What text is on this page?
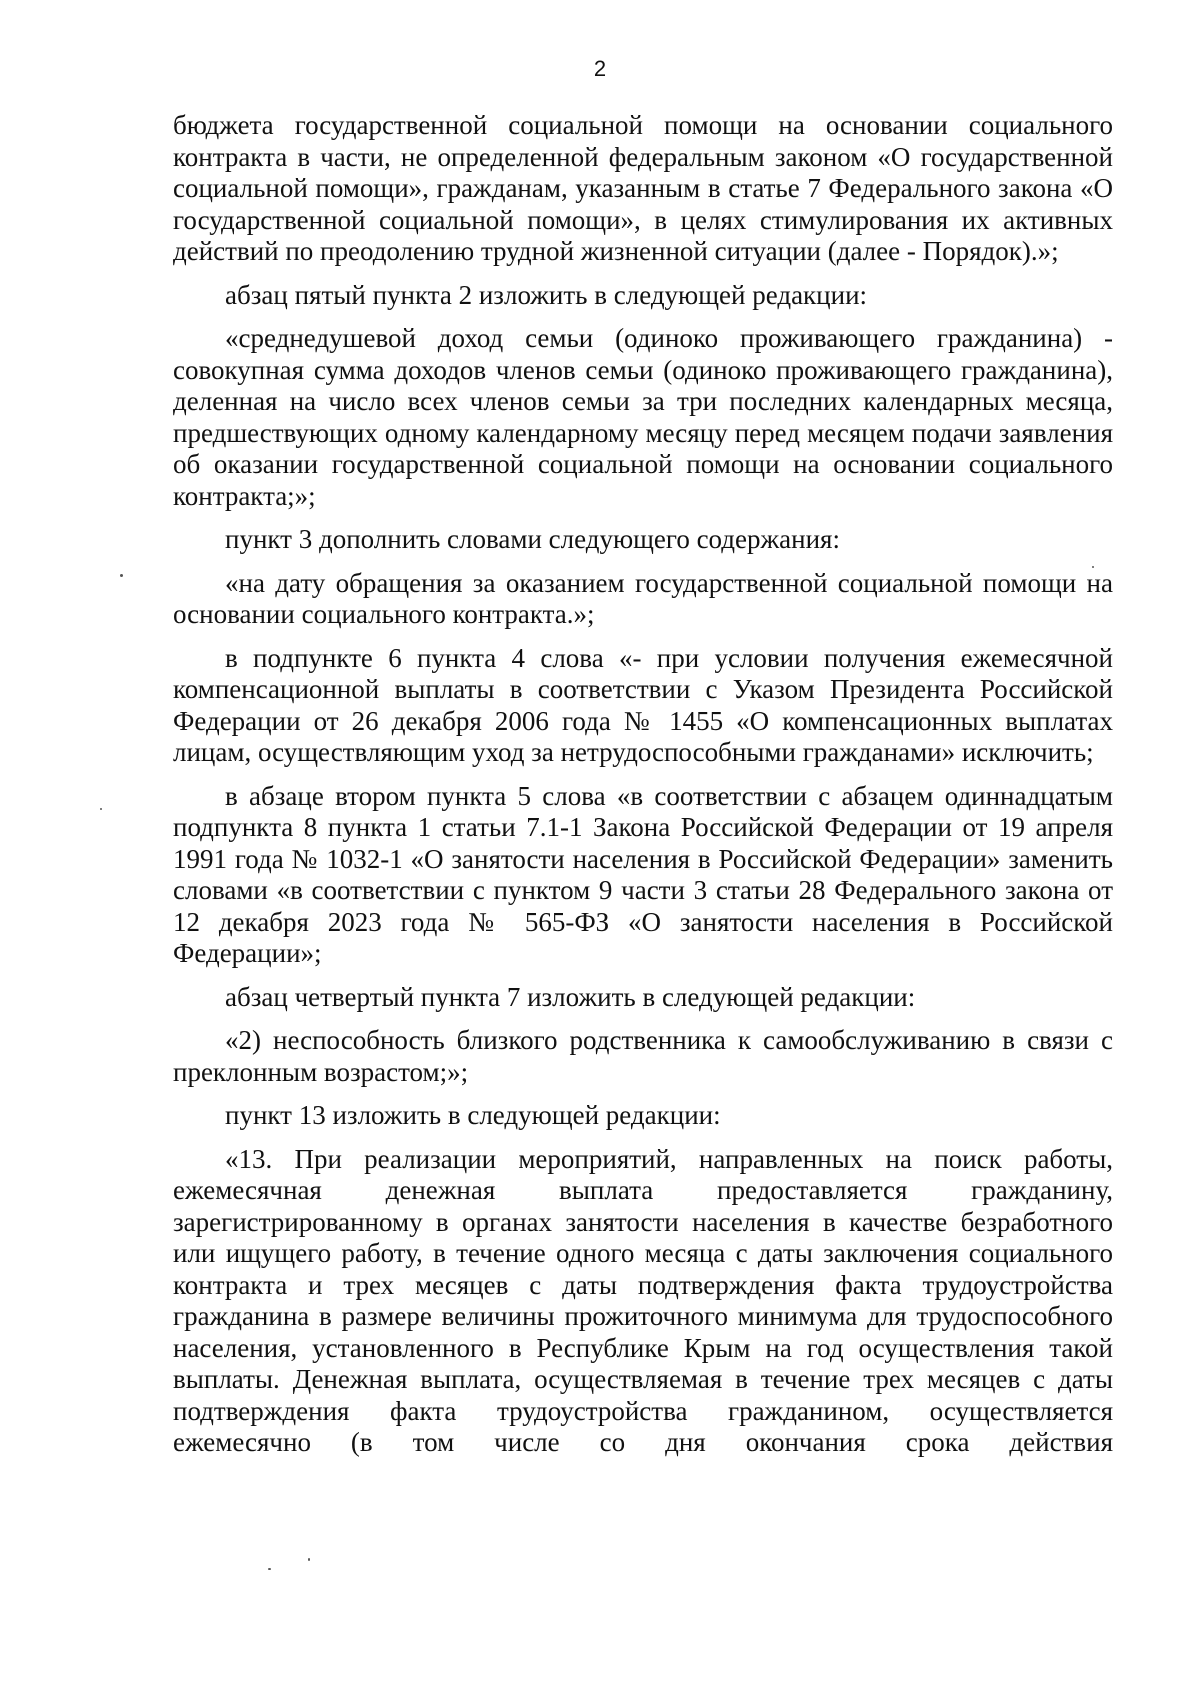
2

бюджета государственной социальной помощи на основании социального контракта в части, не определенной федеральным законом «О государственной социальной помощи», гражданам, указанным в статье 7 Федерального закона «О государственной социальной помощи», в целях стимулирования их активных действий по преодолению трудной жизненной ситуации (далее - Порядок).»;

абзац пятый пункта 2 изложить в следующей редакции:

«среднедушевой доход семьи (одиноко проживающего гражданина) - совокупная сумма доходов членов семьи (одиноко проживающего гражданина), деленная на число всех членов семьи за три последних календарных месяца, предшествующих одному календарному месяцу перед месяцем подачи заявления об оказании государственной социальной помощи на основании социального контракта;»;

пункт 3 дополнить словами следующего содержания:

«на дату обращения за оказанием государственной социальной помощи на основании социального контракта.»;

в подпункте 6 пункта 4 слова «- при условии получения ежемесячной компенсационной выплаты в соответствии с Указом Президента Российской Федерации от 26 декабря 2006 года № 1455 «О компенсационных выплатах лицам, осуществляющим уход за нетрудоспособными гражданами» исключить;

в абзаце втором пункта 5 слова «в соответствии с абзацем одиннадцатым подпункта 8 пункта 1 статьи 7.1-1 Закона Российской Федерации от 19 апреля 1991 года № 1032-1 «О занятости населения в Российской Федерации» заменить словами «в соответствии с пунктом 9 части 3 статьи 28 Федерального закона от 12 декабря 2023 года № 565-ФЗ «О занятости населения в Российской Федерации»;

абзац четвертый пункта 7 изложить в следующей редакции:

«2) неспособность близкого родственника к самообслуживанию в связи с преклонным возрастом;»;

пункт 13 изложить в следующей редакции:

«13. При реализации мероприятий, направленных на поиск работы, ежемесячная денежная выплата предоставляется гражданину, зарегистрированному в органах занятости населения в качестве безработного или ищущего работу, в течение одного месяца с даты заключения социального контракта и трех месяцев с даты подтверждения факта трудоустройства гражданина в размере величины прожиточного минимума для трудоспособного населения, установленного в Республике Крым на год осуществления такой выплаты. Денежная выплата, осуществляемая в течение трех месяцев с даты подтверждения факта трудоустройства гражданином, осуществляется ежемесячно (в том числе со дня окончания срока действия
